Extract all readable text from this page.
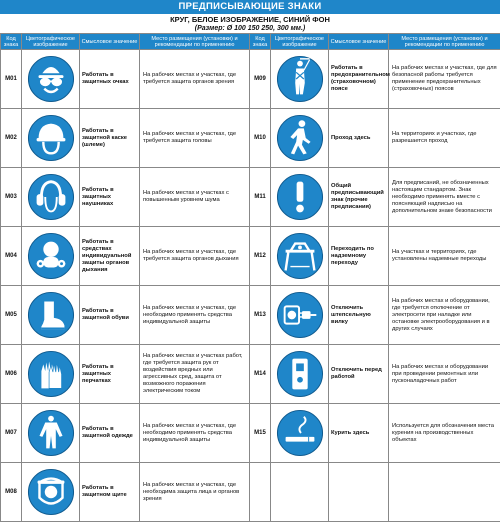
ПРЕДПИСЫВАЮЩИЕ ЗНАКИ
КРУГ, БЕЛОЕ ИЗОБРАЖЕНИЕ, СИНИЙ ФОН
(Размер: Ø 100 150 250, 300 мм.)
Код знака	Цветографическое изображение	Смысловое значение	Место размещения (установки) и рекомендации по применению	Код знака	Цветографическое изображение	Смысловое значение	Место размещения (установки) и рекомендации по применению
M01		Работать в защитных очках	На рабочих местах и участках, где требуется защита органов зрения	M09		Работать в предохранительном (страховочном) поясе	На рабочих местах и участках, где для безопасной работы требуется применение предохранительных (страховочных) поясов
M02		Работать в защитной каске (шлеме)	На рабочих местах и участках, где требуется защита головы	M10		Проход здесь	На территориях и участках, где разрешается проход
M03		Работать в защитных наушниках	На рабочих местах и участках с повышенным уровнем шума	M11		Общий предписывающий знак (прочие предписания)	Для предписаний, не обозначенных настоящим стандартом. Знак необходимо применять вместе с поясняющей надписью на дополнительном знаке безопасности
M04		Работать в средствах индивидуальной защиты органов дыхания	На рабочих местах и участках, где требуется защита органов дыхания	M12		Переходить по надземному переходу	На участках и территориях, где установлены надземные переходы
M05		Работать в защитной обуви	На рабочих местах и участках, где необходимо применять средства индивидуальной защиты	M13		Отключить штепсельную вилку	На рабочих местах и оборудовании, где требуется отключение от электросети при наладке или остановке электрооборудования и в других случаях
M06		Работать в защитных перчатках	На рабочих местах и участках работ, где требуется защита рук от воздействия вредных или агрессивных сред, защита от возможного поражения электрическим током	M14		Отключить перед работой	На рабочих местах и оборудовании при проведении ремонтных или пусконаладочных работ
M07		Работать в защитной одежде	На рабочих местах и участках, где необходимо применять средства индивидуальной защиты	M15		Курить здесь	Используется для обозначения места курения на производственных объектах
M08		Работать в защитном щите	На рабочих местах и участках, где необходима защита лица и органов зрения				
